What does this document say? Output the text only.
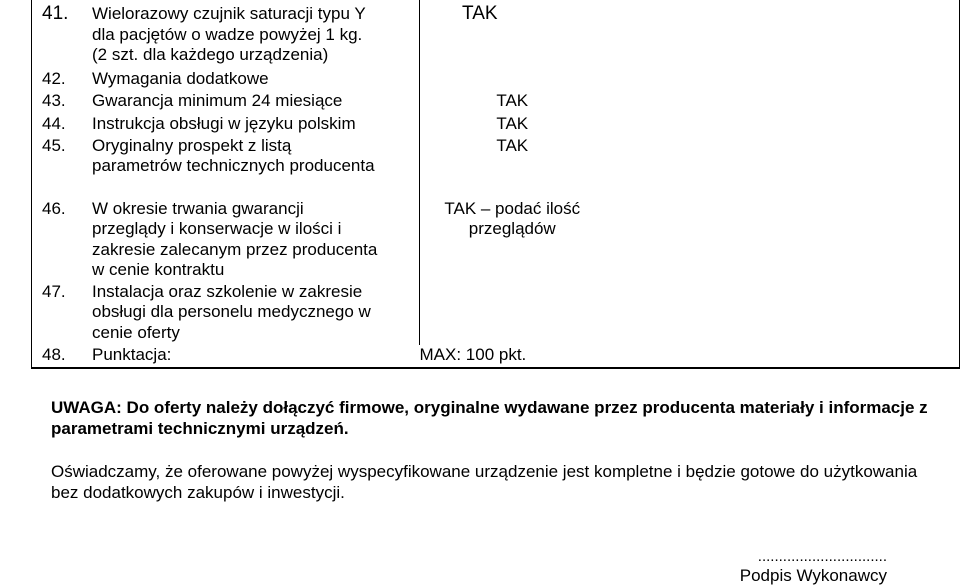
41. Wielorazowy czujnik saturacji typu Y dla pacjętów o wadze powyżej 1 kg. (2 szt. dla każdego urządzenia)		TAK	

42. Wymagania dodatkowe			

43. Gwarancja minimum 24 miesiące		TAK	

44. Instrukcja obsługi w języku polskim		TAK	

45. Oryginalny prospekt z listą parametrów technicznych producenta		TAK	

46. W okresie trwania gwarancji przeglądy i konserwacje w ilości i zakresie zalecanym przez producenta w cenie kontraktu		TAK – podać ilość przeglądów	

47. Instalacja oraz szkolenie w zakresie obsługi dla personelu medycznego w cenie oferty			

48. Punktacja:		MAX: 100 pkt.	
UWAGA: Do oferty należy dołączyć firmowe, oryginalne wydawane przez producenta materiały i informacje z parametrami technicznymi urządzeń.
Oświadczamy, że oferowane powyżej wyspecyfikowane urządzenie jest kompletne i będzie gotowe do użytkowania bez dodatkowych zakupów i inwestycji.
...............................
Podpis Wykonawcy
